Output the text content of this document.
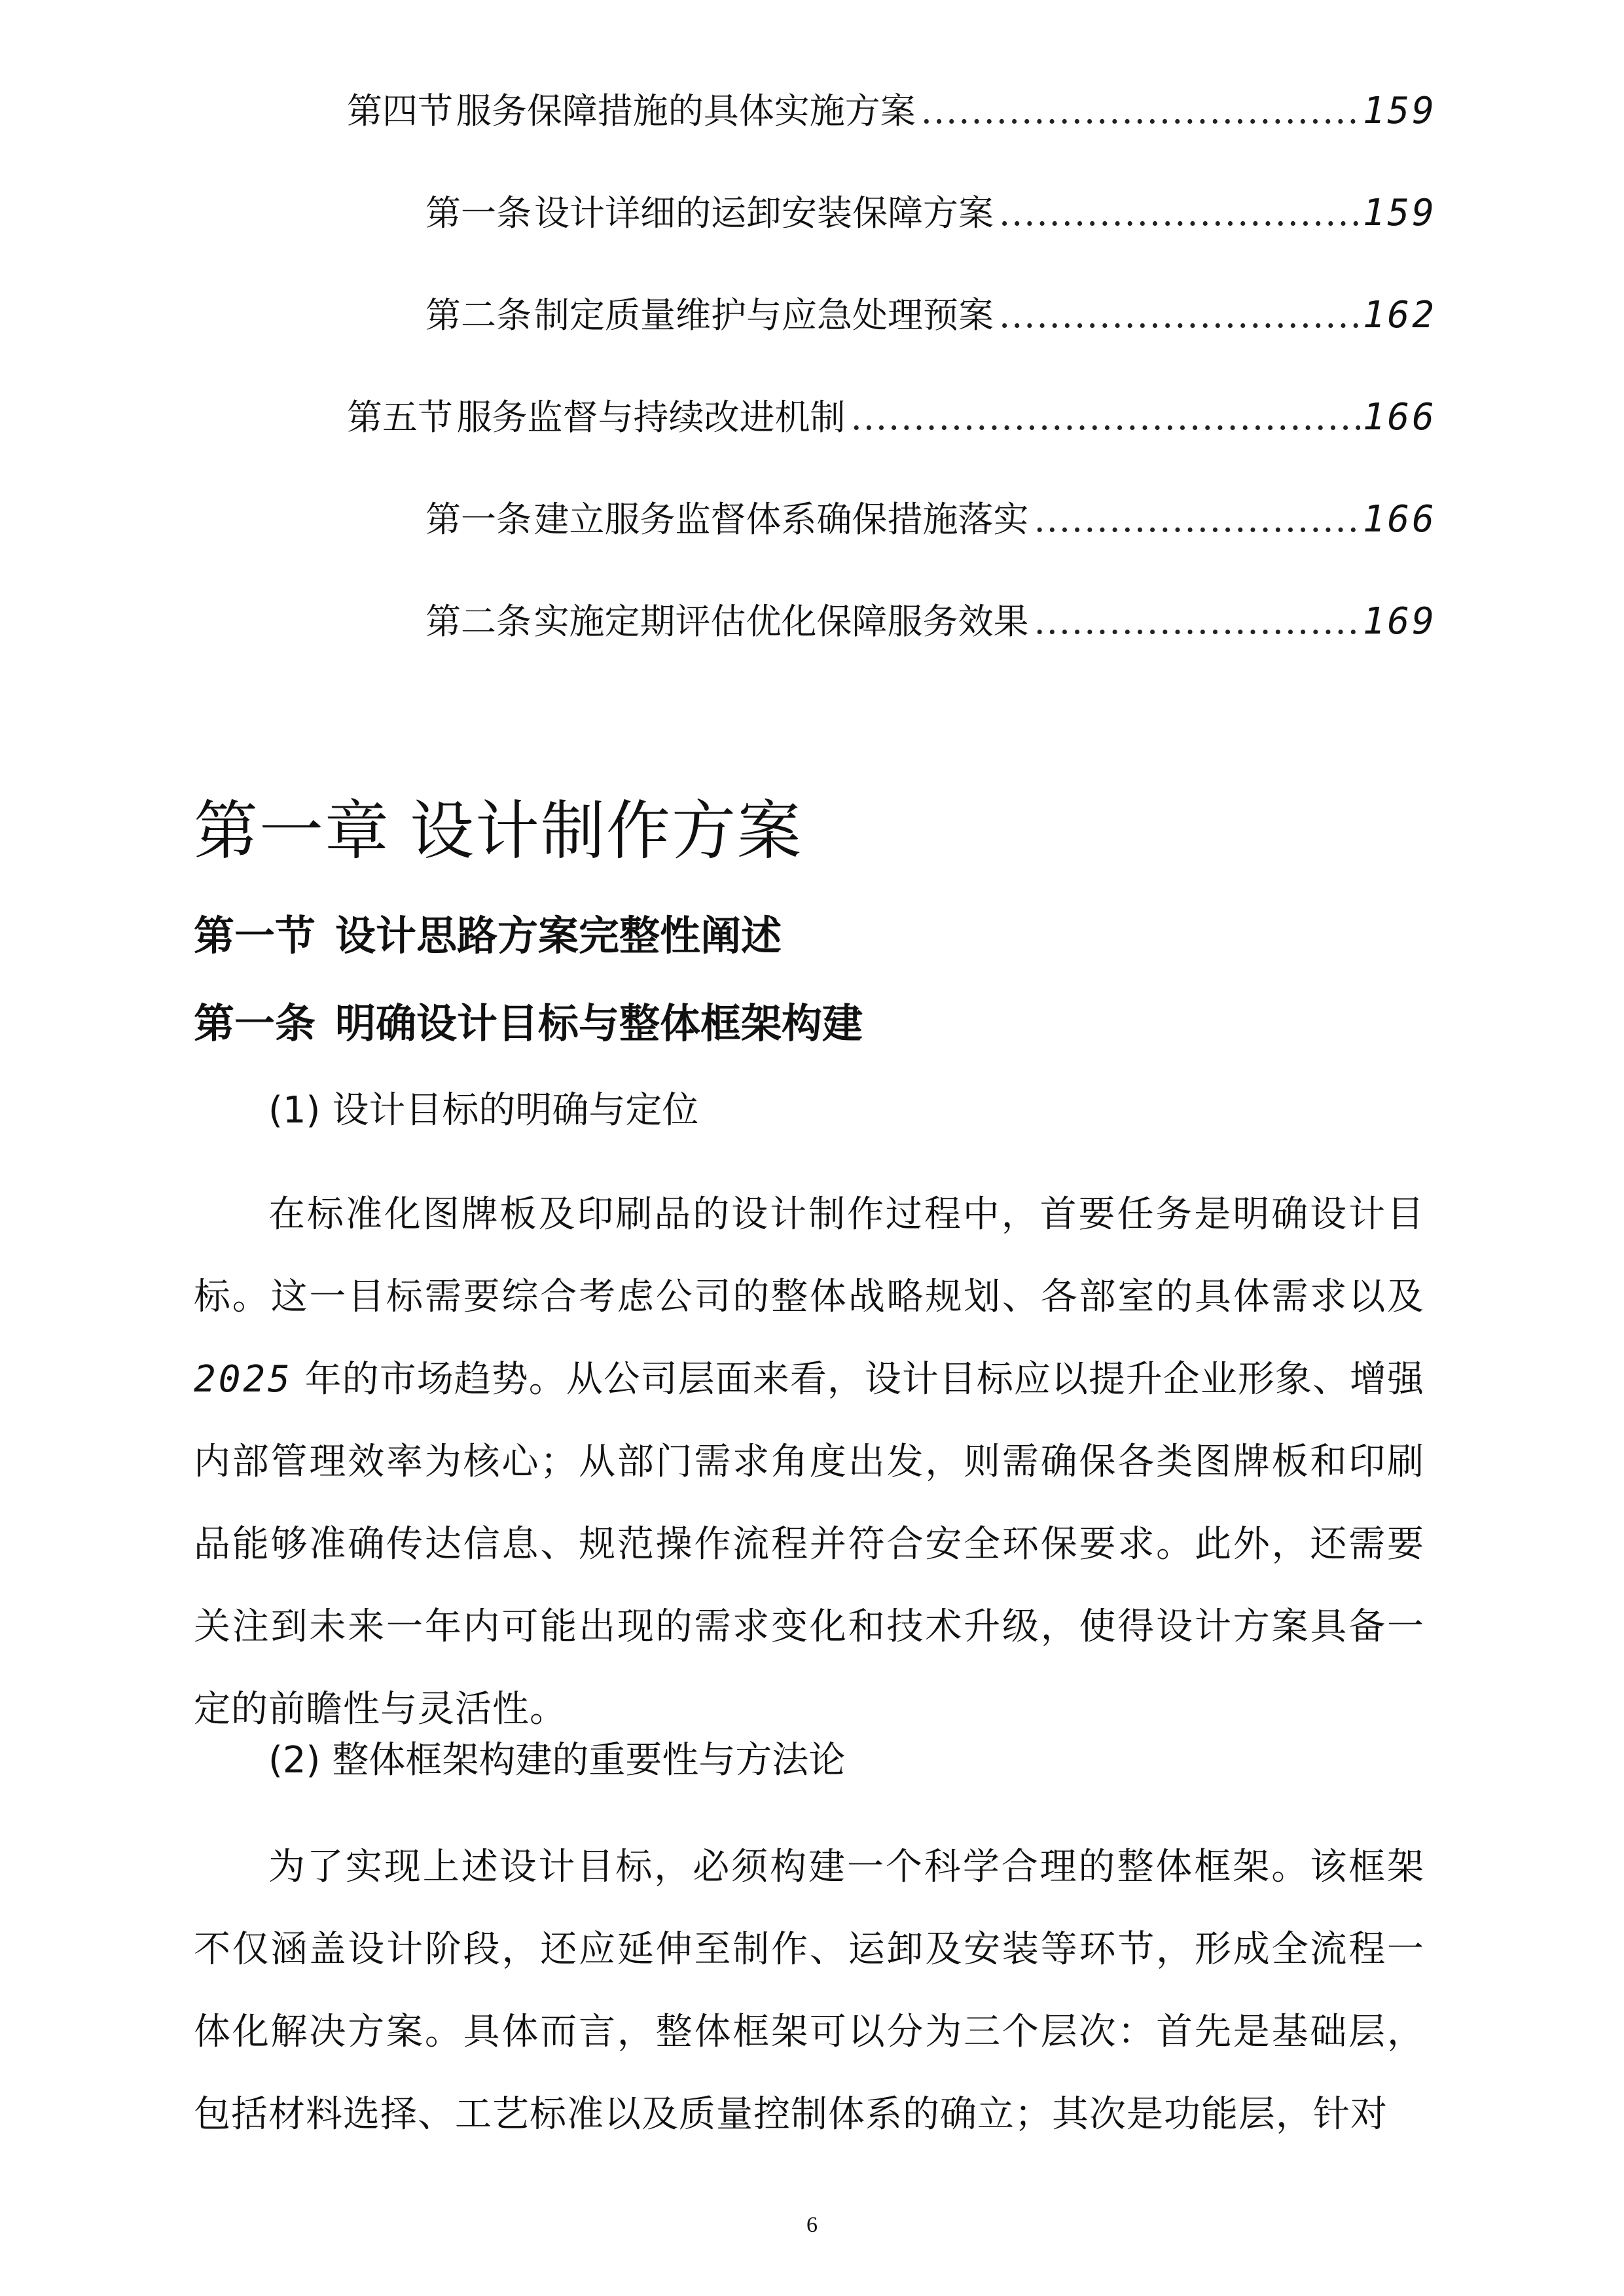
第四节 服务保障措施的具体实施方案 .....	159
第一条 设计详细的运卸安装保障方案 .....	159
第二条 制定质量维护与应急处理预案 .....	162
第五节 服务监督与持续改进机制 .....	166
第一条 建立服务监督体系确保措施落实 .....	166
第二条 实施定期评估优化保障服务效果 .....	169
第一章 设计制作方案
第一节 设计思路方案完整性阐述
第一条 明确设计目标与整体框架构建
(1) 设计目标的明确与定位

在标准化图牌板及印刷品的设计制作过程中，首要任务是明确设计目标。这一目标需要综合考虑公司的整体战略规划、各部室的具体需求以及2025 年的市场趋势。从公司层面来看，设计目标应以提升企业形象、增强内部管理效率为核心；从部门需求角度出发，则需确保各类图牌板和印刷品能够准确传达信息、规范操作流程并符合安全环保要求。此外，还需要关注到未来一年内可能出现的需求变化和技术升级，使得设计方案具备一定的前瞻性与灵活性。

(2) 整体框架构建的重要性与方法论

为了实现上述设计目标，必须构建一个科学合理的整体框架。该框架不仅涵盖设计阶段，还应延伸至制作、运卸及安装等环节，形成全流程一体化解决方案。具体而言，整体框架可以分为三个层次：首先是基础层，包括材料选择、工艺标准以及质量控制体系的确立；其次是功能层，针对

6
